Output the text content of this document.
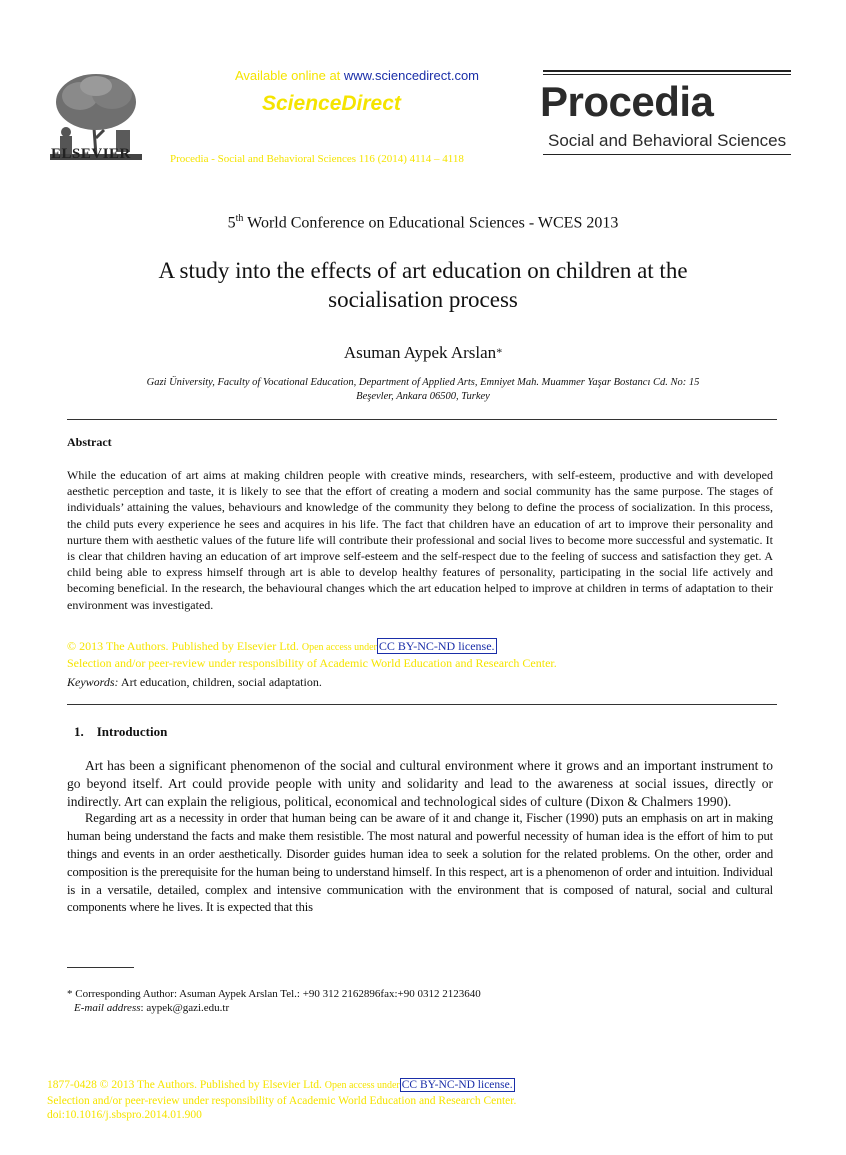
ELSEVIER
Available online at www.sciencedirect.com
ScienceDirect
Procedia - Social and Behavioral Sciences 116 (2014) 4114 – 4118
Procedia
Social and Behavioral Sciences
5th World Conference on Educational Sciences - WCES 2013
A study into the effects of art education on children at the
socialisation process
Asuman Aypek Arslan*
Gazi Üniversity, Faculty of Vocational Education, Department of Applied Arts, Emniyet Mah. Muammer Yaşar Bostancı Cd. No: 15
Beşevler, Ankara 06500, Turkey
Abstract
While the education of art aims at making children people with creative minds, researchers, with self-esteem, productive and with developed aesthetic perception and taste, it is likely to see that the effort of creating a modern and social community has the same purpose. The stages of individuals’ attaining the values, behaviours and knowledge of the community they belong to define the process of socialization. In this process, the child puts every experience he sees and acquires in his life. The fact that children have an education of art to improve their personality and nurture them with aesthetic values of the future life will contribute their professional and social lives to become more successful and systematic. It is clear that children having an education of art improve self-esteem and the self-respect due to the feeling of success and satisfaction they get. A child being able to express himself through art is able to develop healthy features of personality, participating in the social life actively and becoming beneficial. In the research, the behavioural changes which the art education helped to improve at children in terms of adaptation to their environment was investigated.
© 2013 The Authors. Published by Elsevier Ltd. Open access under CC BY-NC-ND license.
Selection and/or peer-review under responsibility of Academic World Education and Research Center.
Keywords: Art education, children, social adaptation.
1.    Introduction

Art has been a significant phenomenon of the social and cultural environment where it grows and an important instrument to go beyond itself. Art could provide people with unity and solidarity and lead to the awareness at social issues, directly or indirectly. Art can explain the religious, political, economical and technological sides of culture (Dixon & Chalmers 1990).

Regarding art as a necessity in order that human being can be aware of it and change it, Fischer (1990) puts an emphasis on art in making human being understand the facts and make them resistible. The most natural and powerful necessity of human idea is the effort of him to put things and events in an order aesthetically. Disorder guides human idea to seek a solution for the related problems. On the other, order and composition is the prerequisite for the human being to understand himself. In this respect, art is a phenomenon of order and intuition. Individual is in a versatile, detailed, complex and intensive communication with the environment that is composed of natural, social and cultural components where he lives. It is expected that this

* Corresponding Author: Asuman Aypek Arslan Tel.: +90 312 2162896fax:+90 0312 2123640
E-mail address: aypek@gazi.edu.tr
1877-0428 © 2013 The Authors. Published by Elsevier Ltd. Open access under CC BY-NC-ND license.
Selection and/or peer-review under responsibility of Academic World Education and Research Center.
doi:10.1016/j.sbspro.2014.01.900
